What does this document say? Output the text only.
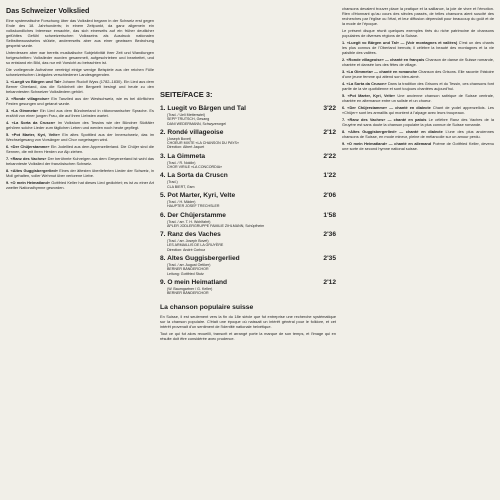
Das Schweizer Volkslied

Eine systematische Forschung über das Volkslied begann in der Schweiz erst gegen Ende des 18. Jahrhunderts; in einem Zeitpunkt, da ganz allgemein ein volkskundliches Interesse erwachte, das sich einerseits auf ein früher deutlicher gefühltes Gefühl schweizerischen Volksseins als Ausdruck nationalen Selbstbewusstseins stützte, andererseits aber aus einer gewissen Bedrohung gespeist wurde.

Unterdessen aber war bereits musikalische Subjektivität ihrer Zeit und Wandlungen fortgeschritten: Volkslieder wurden gesammelt, aufgeschrieben und bearbeitet, und so entstand ein Bild, das nur mit Vorsicht zu betrachten ist.

Die vorliegende Aufnahme vereinigt einige wenige Beispiele aus der reichen Fülle schweizerischen Liedgutes verschiedener Landesgegenden.

1. «Luegit vo Bärgen und Tal» Johann Rudolf Wyss (1782–1830). Ein Lied aus dem Berner Oberland, das die Schönheit der Bergwelt besingt und heute zu den bekanntesten Schweizer Volksliedern gehört.

2. «Ronde villageoise» Ein Tanzlied aus der Westschweiz, wie es bei dörflichen Festen gesungen und getanzt wurde.

3. «La Gimmeta» Ein Lied aus dem Bündnerland in rätoromanischer Sprache. Es erzählt von einer jungen Frau, die auf ihren Liebsten wartet.

4. «La Sorta da Cruscn» Im Volkstum des Tessins wie der Bündner Südtäler gehören solche Lieder zum täglichen Leben und werden noch heute gepflegt.

5. «Pot Marter, Kyri, Velte» Ein altes Spottlied aus der Innerschweiz, das im Wechselgesang von Vorsänger und Chor vorgetragen wird.

6. «Der Chüjerstamme» Ein Jodellied aus dem Appenzellerland. Die Chüjer sind die Sennen, die mit ihren Herden zur Alp ziehen.

7. «Ranz des Vaches» Der berühmte Kuhreigen aus dem Greyerzerland ist wohl das bekannteste Volkslied der französischen Schweiz.

8. «Altes Guggisbergerlied» Eines der ältesten überlieferten Lieder der Schweiz, in Moll gehalten, voller Wehmut über verlorene Liebe.

9. «O mein Heimatland» Gottfried Keller hat dieses Lied gedichtet; es ist zu einer Art zweiter Nationalhymne geworden.

SEITE/FACE 3:
1. Luegit vo Bärgen und Tal	3'22
(Trad. / Ueli Mettenwiel)
SEPP TRUTSCH, Gesang
DANI WEDERMANN, Schwyzerorgel
2. Rondé villageoise	2'12
(Joseph Bovet)
CHOEUR MIXTE «LA CHANSON DU PAYS»
Direction: Albert Jaquet
3. La Gimmeta	2'22
(Trad. / R. Noldin)
CHOR VIRILE «LA CONCORDIA»
4. La Sorta da Cruscn	1'22
(Trad.)
CLA BIERT, Gsm
5. Pot Marter, Kyri, Velte	2'06
(Trad. / H. Mäder)
HAUPTER JOSEF TRECHSLER
6. Der Chüjerstamme	1'58
(Trad. / arr. T. H. Wohlfahrt)
ÄPLER JODLERGRUPPE FAMILIE ZIHLMANN, Schüpfheim
7. Ranz des Vaches	2'36
(Trad. / arr. Joseph Bovet)
LES ARMAILLIS DE LA GRUYÈRE
Direction: André Corboz
8. Altes Guggisbergerlied	2'35
(Trad. / arr. August Oetiker)
BERNER BÄNDERCHOR
Leitung: Gottfried Stutz
9. O mein Heimatland	2'12
(W. Baumgartner / G. Keller)
BERNER BÄNDERCHOR
La chanson populaire suisse

En Suisse, il est seulement vers la fin du 18e siècle que fut entreprise une recherche systématique sur la chanson populaire. C'était une époque où naissait un intérêt général pour le folklore, et cet intérêt provenait d'un sentiment de l'identité nationale helvétique.

Tout ce qui fut alors recueilli, transcrit et arrangé porte la marque de son temps, et l'image qui en résulte doit être considérée avec prudence.

chansons devaient trouver place la pratique et la saillance, la joie de vivre et l'émotion. Rien d'étonnant qu'au cours des siècles passés, de telles chansons aient suscité des recherches par l'église ou l'état, et leur diffusion dépendait pour beaucoup du goût et de la mode de l'époque.

Le présent disque réunit quelques exemples tirés du riche patrimoine de chansons populaires de diverses régions de la Suisse.

1. «Luegit vo Bärgen und Tal» — (Voir montagnes et vallées) C'est un des chants les plus connus de l'Oberland bernois; il célèbre la beauté des montagnes et la vie paisible des vallées.

2. «Ronde villageoise» — chanté en français Chanson de danse de Suisse romande, chantée et dansée lors des fêtes de village.

3. «La Gimmeta» — chanté en romanche Chanson des Grisons. Elle raconte l'histoire d'une jeune femme qui attend son bien-aimé.

4. «La Sorta da Cruscn» Dans la tradition des Grisons et du Tessin, ces chansons font partie de la vie quotidienne et sont toujours chantées aujourd'hui.

5. «Pot Marter, Kyri, Velte» Une ancienne chanson satirique de Suisse centrale, chantée en alternance entre un soliste et un choeur.

6. «Der Chüjerstamme» — chanté en dialecte Chant de yodel appenzellois. Les «Chüjer» sont les armaillis qui montent à l'alpage avec leurs troupeaux.

7. «Ranz des Vaches» — chanté en patois Le célèbre Ranz des Vaches de la Gruyère est sans doute la chanson populaire la plus connue de Suisse romande.

8. «Altes Guggisbergerlied» — chanté en dialecte L'une des plus anciennes chansons de Suisse, en mode mineur, pleine de mélancolie sur un amour perdu.

9. «O mein Heimatland» — chanté en allemand Poème de Gottfried Keller, devenu une sorte de second hymne national suisse.
